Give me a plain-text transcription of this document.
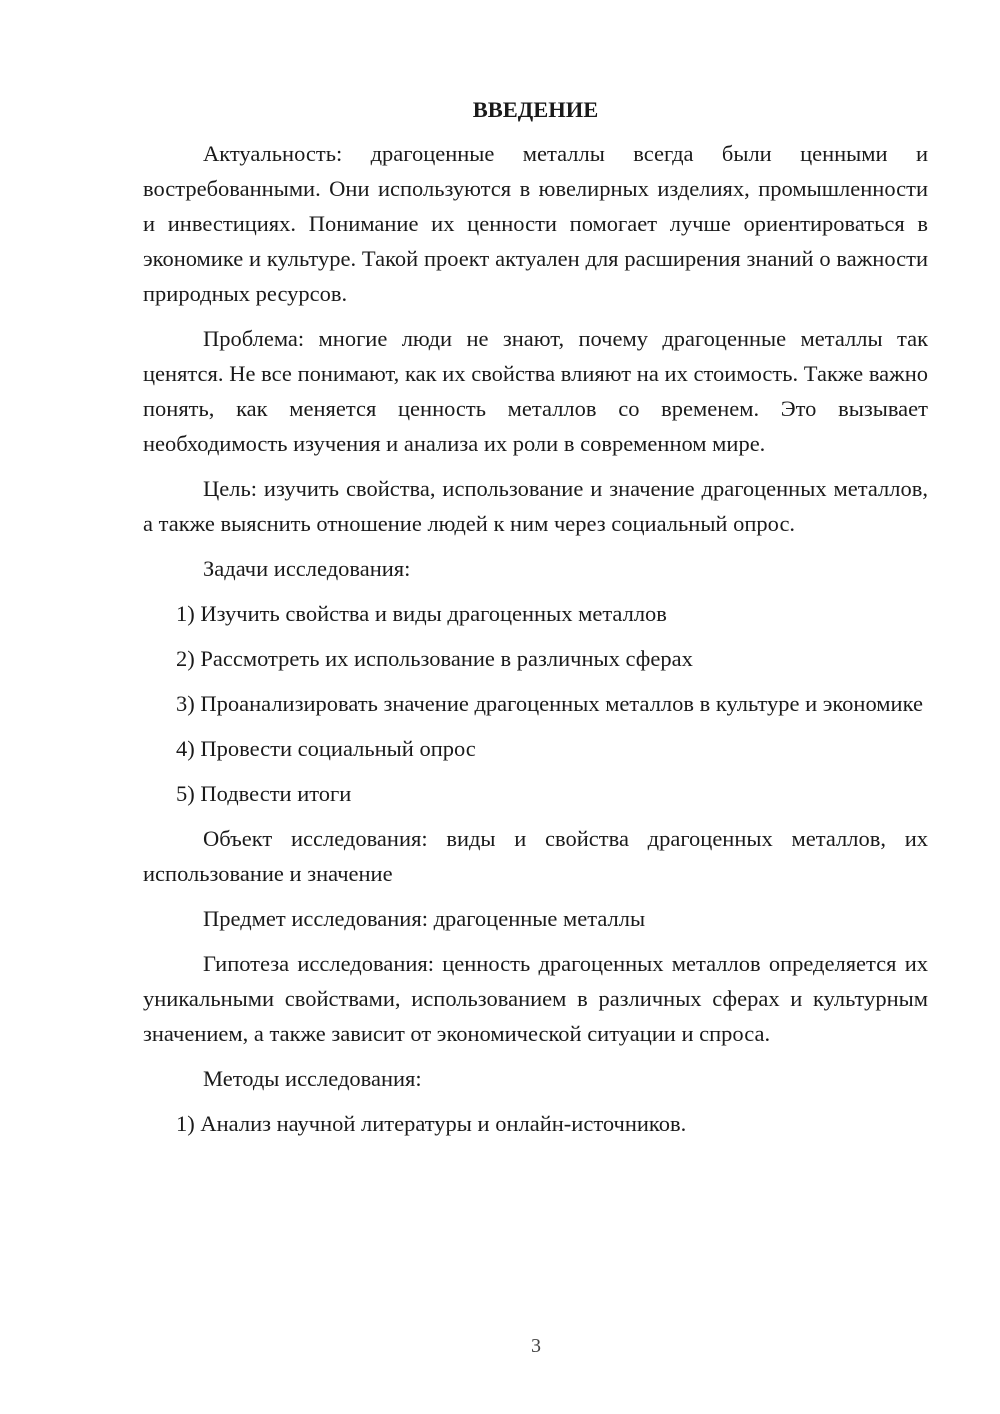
ВВЕДЕНИЕ

Актуальность: драгоценные металлы всегда были ценными и востребованными. Они используются в ювелирных изделиях, промышленности и инвестициях. Понимание их ценности помогает лучше ориентироваться в экономике и культуре. Такой проект актуален для расширения знаний о важности природных ресурсов.

Проблема: многие люди не знают, почему драгоценные металлы так ценятся. Не все понимают, как их свойства влияют на их стоимость. Также важно понять, как меняется ценность металлов со временем. Это вызывает необходимость изучения и анализа их роли в современном мире.

Цель: изучить свойства, использование и значение драгоценных металлов, а также выяснить отношение людей к ним через социальный опрос.

Задачи исследования:

1) Изучить свойства и виды драгоценных металлов

2) Рассмотреть их использование в различных сферах

3) Проанализировать значение драгоценных металлов в культуре и экономике

4) Провести социальный опрос

5) Подвести итоги

Объект исследования: виды и свойства драгоценных металлов, их использование и значение

Предмет исследования: драгоценные металлы

Гипотеза исследования: ценность драгоценных металлов определяется их уникальными свойствами, использованием в различных сферах и культурным значением, а также зависит от экономической ситуации и спроса.

Методы исследования:

1) Анализ научной литературы и онлайн-источников.

3
